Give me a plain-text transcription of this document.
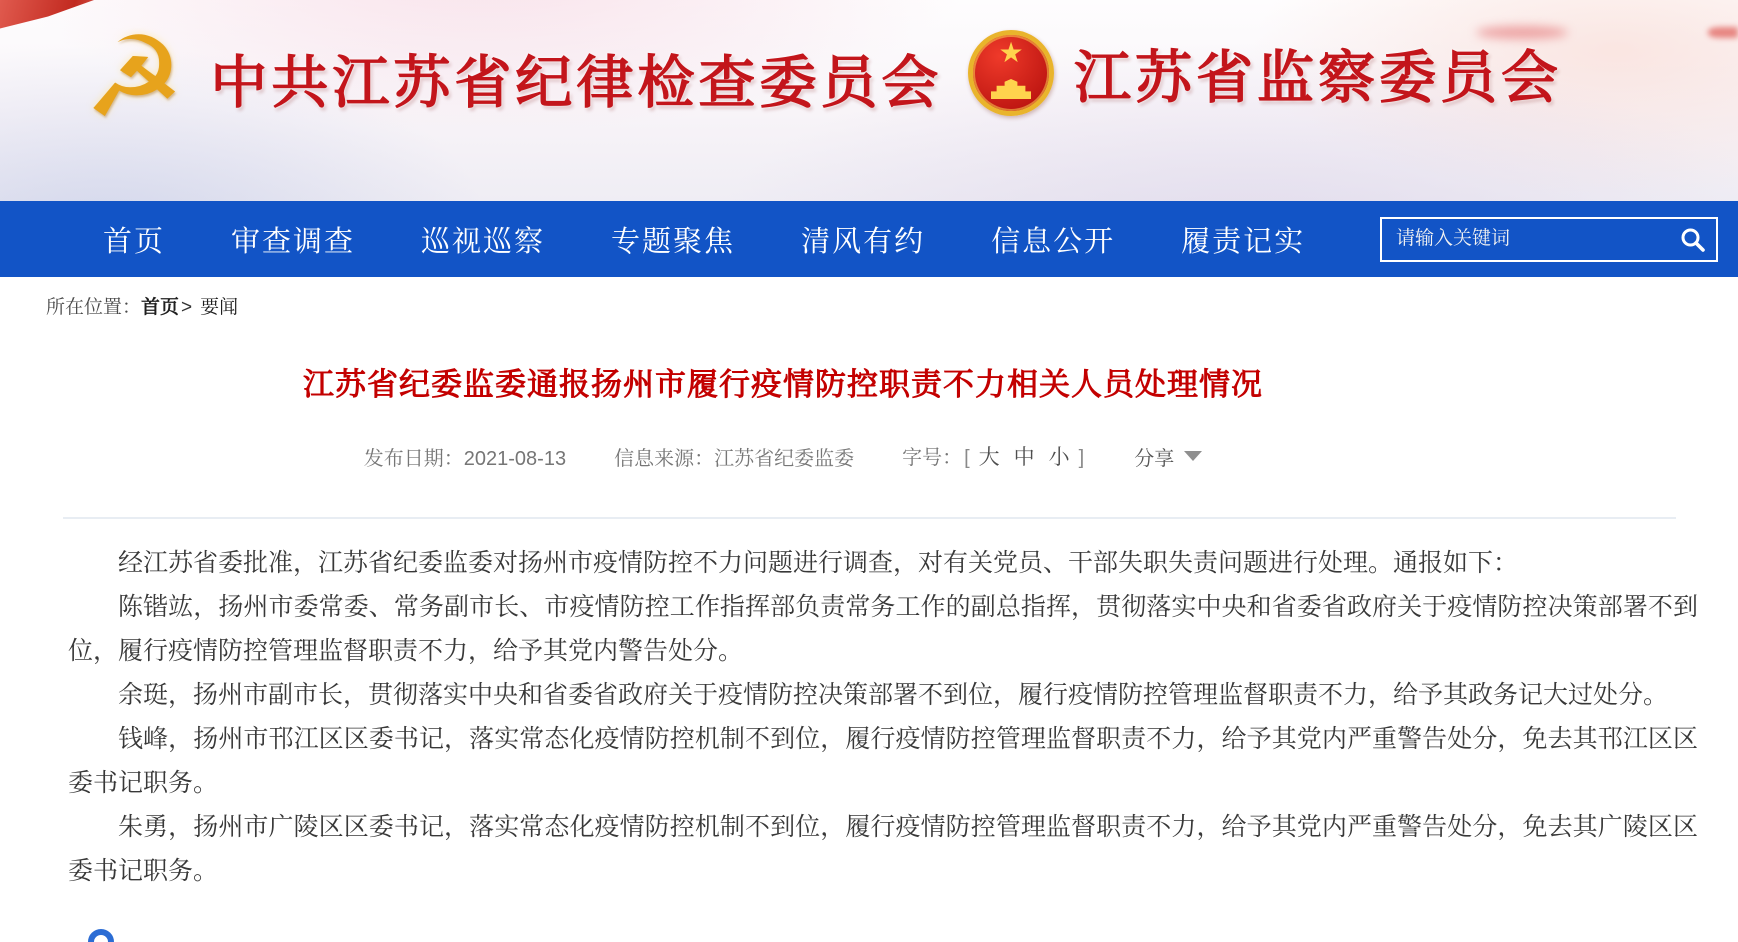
☭ 中共江苏省纪律检查委员会 ★ 江苏省监察委员会
首页 审查调查 巡视巡察 专题聚焦 清风有约 信息公开 履责记实
请输入关键词
所在位置：首页 > 要闻
江苏省纪委监委通报扬州市履行疫情防控职责不力相关人员处理情况
发布日期：2021-08-13 信息来源：江苏省纪委监委 字号： [ 大 中 小 ]	分享

经江苏省委批准，江苏省纪委监委对扬州市疫情防控不力问题进行调查，对有关党员、干部失职失责问题进行处理。通报如下：

陈锴竑，扬州市委常委、常务副市长、市疫情防控工作指挥部负责常务工作的副总指挥，贯彻落实中央和省委省政府关于疫情防控决策部署不到位，履行疫情防控管理监督职责不力，给予其党内警告处分。

余珽，扬州市副市长，贯彻落实中央和省委省政府关于疫情防控决策部署不到位，履行疫情防控管理监督职责不力，给予其政务记大过处分。

钱峰，扬州市邗江区区委书记，落实常态化疫情防控机制不到位，履行疫情防控管理监督职责不力，给予其党内严重警告处分，免去其邗江区区委书记职务。

朱勇，扬州市广陵区区委书记，落实常态化疫情防控机制不到位，履行疫情防控管理监督职责不力，给予其党内严重警告处分，免去其广陵区区委书记职务。
